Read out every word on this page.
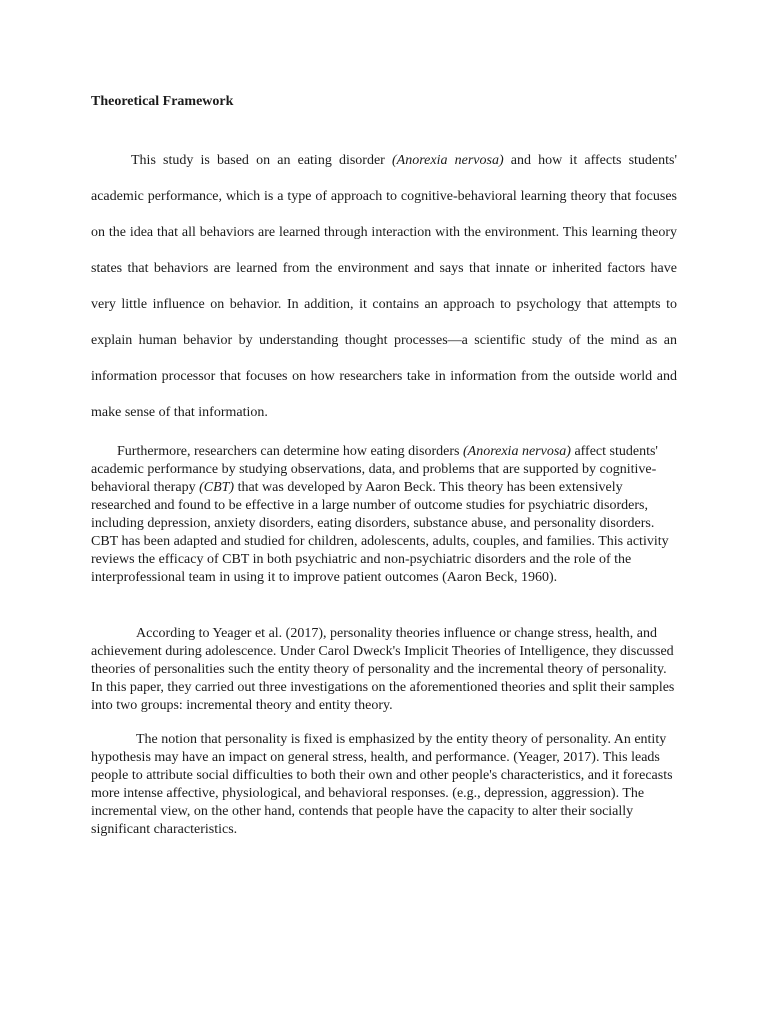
Theoretical Framework

This study is based on an eating disorder (Anorexia nervosa) and how it affects students' academic performance, which is a type of approach to cognitive-behavioral learning theory that focuses on the idea that all behaviors are learned through interaction with the environment. This learning theory states that behaviors are learned from the environment and says that innate or inherited factors have very little influence on behavior. In addition, it contains an approach to psychology that attempts to explain human behavior by understanding thought processes—a scientific study of the mind as an information processor that focuses on how researchers take in information from the outside world and make sense of that information.

Furthermore, researchers can determine how eating disorders (Anorexia nervosa) affect students' academic performance by studying observations, data, and problems that are supported by cognitive-behavioral therapy (CBT) that was developed by Aaron Beck. This theory has been extensively researched and found to be effective in a large number of outcome studies for psychiatric disorders, including depression, anxiety disorders, eating disorders, substance abuse, and personality disorders. CBT has been adapted and studied for children, adolescents, adults, couples, and families. This activity reviews the efficacy of CBT in both psychiatric and non-psychiatric disorders and the role of the interprofessional team in using it to improve patient outcomes (Aaron Beck, 1960).

According to Yeager et al. (2017), personality theories influence or change stress, health, and achievement during adolescence. Under Carol Dweck's Implicit Theories of Intelligence, they discussed theories of personalities such the entity theory of personality and the incremental theory of personality. In this paper, they carried out three investigations on the aforementioned theories and split their samples into two groups: incremental theory and entity theory.

The notion that personality is fixed is emphasized by the entity theory of personality. An entity hypothesis may have an impact on general stress, health, and performance. (Yeager, 2017). This leads people to attribute social difficulties to both their own and other people's characteristics, and it forecasts more intense affective, physiological, and behavioral responses. (e.g., depression, aggression). The incremental view, on the other hand, contends that people have the capacity to alter their socially significant characteristics.
